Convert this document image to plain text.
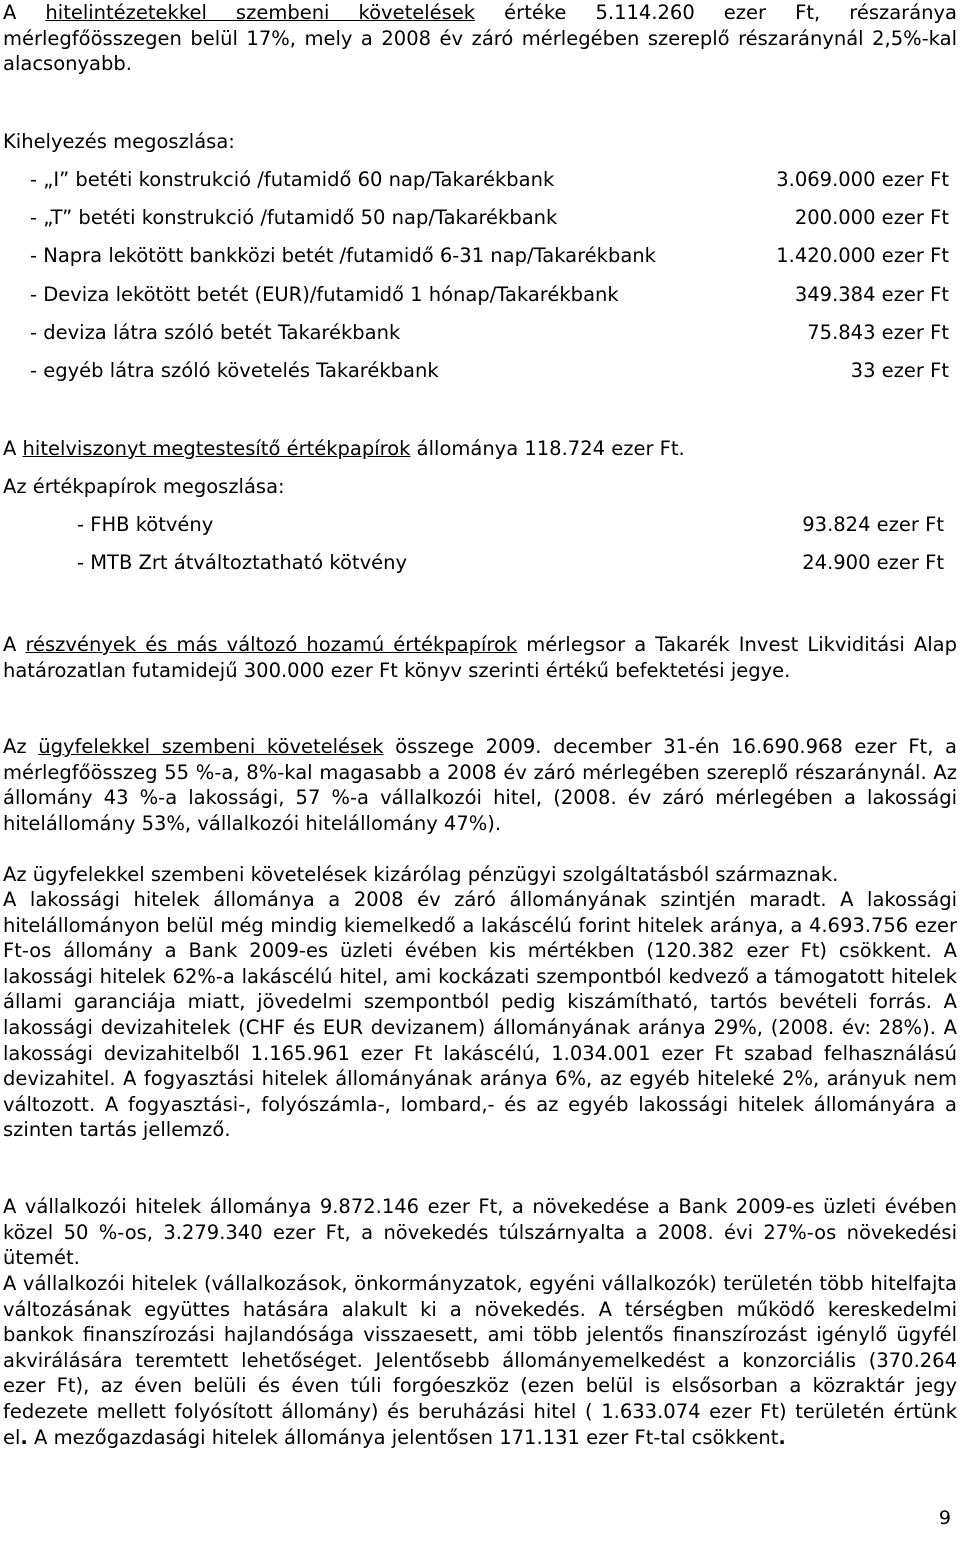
A hitelintézetekkel szembeni követelések értéke 5.114.260 ezer Ft, részaránya mérlegfőösszegen belül 17%, mely a 2008 év záró mérlegében szereplő részaránynál 2,5%-kal alacsonyabb.

Kihelyezés megoszlása:

- „I” betéti konstrukció /futamidő 60 nap/Takarékbank	3.069.000 ezer Ft
- „T” betéti konstrukció /futamidő 50 nap/Takarékbank	200.000 ezer Ft
- Napra lekötött bankközi betét /futamidő 6-31 nap/Takarékbank	1.420.000 ezer Ft
- Deviza lekötött betét (EUR)/futamidő 1 hónap/Takarékbank	349.384 ezer Ft
- deviza látra szóló betét Takarékbank	75.843 ezer Ft
- egyéb látra szóló követelés Takarékbank	33 ezer Ft

A hitelviszonyt megtestesítő értékpapírok állománya 118.724 ezer Ft.

Az értékpapírok megoszlása:

- FHB kötvény	93.824 ezer Ft
- MTB Zrt átváltoztatható kötvény	24.900 ezer Ft

A részvények és más változó hozamú értékpapírok mérlegsor a Takarék Invest Likviditási Alap határozatlan futamidejű 300.000 ezer Ft könyv szerinti értékű befektetési jegye.

Az ügyfelekkel szembeni követelések összege 2009. december 31-én 16.690.968 ezer Ft, a mérlegfőösszeg 55 %-a, 8%-kal magasabb a 2008 év záró mérlegében szereplő részaránynál. Az állomány 43 %-a lakossági, 57 %-a vállalkozói hitel, (2008. év záró mérlegében a lakossági hitelállomány 53%, vállalkozói hitelállomány 47%).

Az ügyfelekkel szembeni követelések kizárólag pénzügyi szolgáltatásból származnak.

A lakossági hitelek állománya a 2008 év záró állományának szintjén maradt. A lakossági hitelállományon belül még mindig kiemelkedő a lakáscélú forint hitelek aránya, a 4.693.756 ezer Ft-os állomány a Bank 2009-es üzleti évében kis mértékben (120.382 ezer Ft) csökkent. A lakossági hitelek 62%-a lakáscélú hitel, ami kockázati szempontból kedvező a támogatott hitelek állami garanciája miatt, jövedelmi szempontból pedig kiszámítható, tartós bevételi forrás. A lakossági devizahitelek (CHF és EUR devizanem) állományának aránya 29%, (2008. év: 28%). A lakossági devizahitelből 1.165.961 ezer Ft lakáscélú, 1.034.001 ezer Ft szabad felhasználású devizahitel. A fogyasztási hitelek állományának aránya 6%, az egyéb hiteleké 2%, arányuk nem változott. A fogyasztási-, folyószámla-, lombard,- és az egyéb lakossági hitelek állományára a szinten tartás jellemző.

A vállalkozói hitelek állománya 9.872.146 ezer Ft, a növekedése a Bank 2009-es üzleti évében közel 50 %-os, 3.279.340 ezer Ft, a növekedés túlszárnyalta a 2008. évi 27%-os növekedési ütemét.

A vállalkozói hitelek (vállalkozások, önkormányzatok, egyéni vállalkozók) területén több hitelfajta változásának együttes hatására alakult ki a növekedés. A térségben működő kereskedelmi bankok finanszírozási hajlandósága visszaesett, ami több jelentős finanszírozást igénylő ügyfél akvirálására teremtett lehetőséget. Jelentősebb állományemelkedést a konzorciális (370.264 ezer Ft), az éven belüli és éven túli forgóeszköz (ezen belül is elsősorban a közraktár jegy fedezete mellett folyósított állomány) és beruházási hitel ( 1.633.074 ezer Ft) területén értünk el. A mezőgazdasági hitelek állománya jelentősen 171.131 ezer Ft-tal csökkent.

9
